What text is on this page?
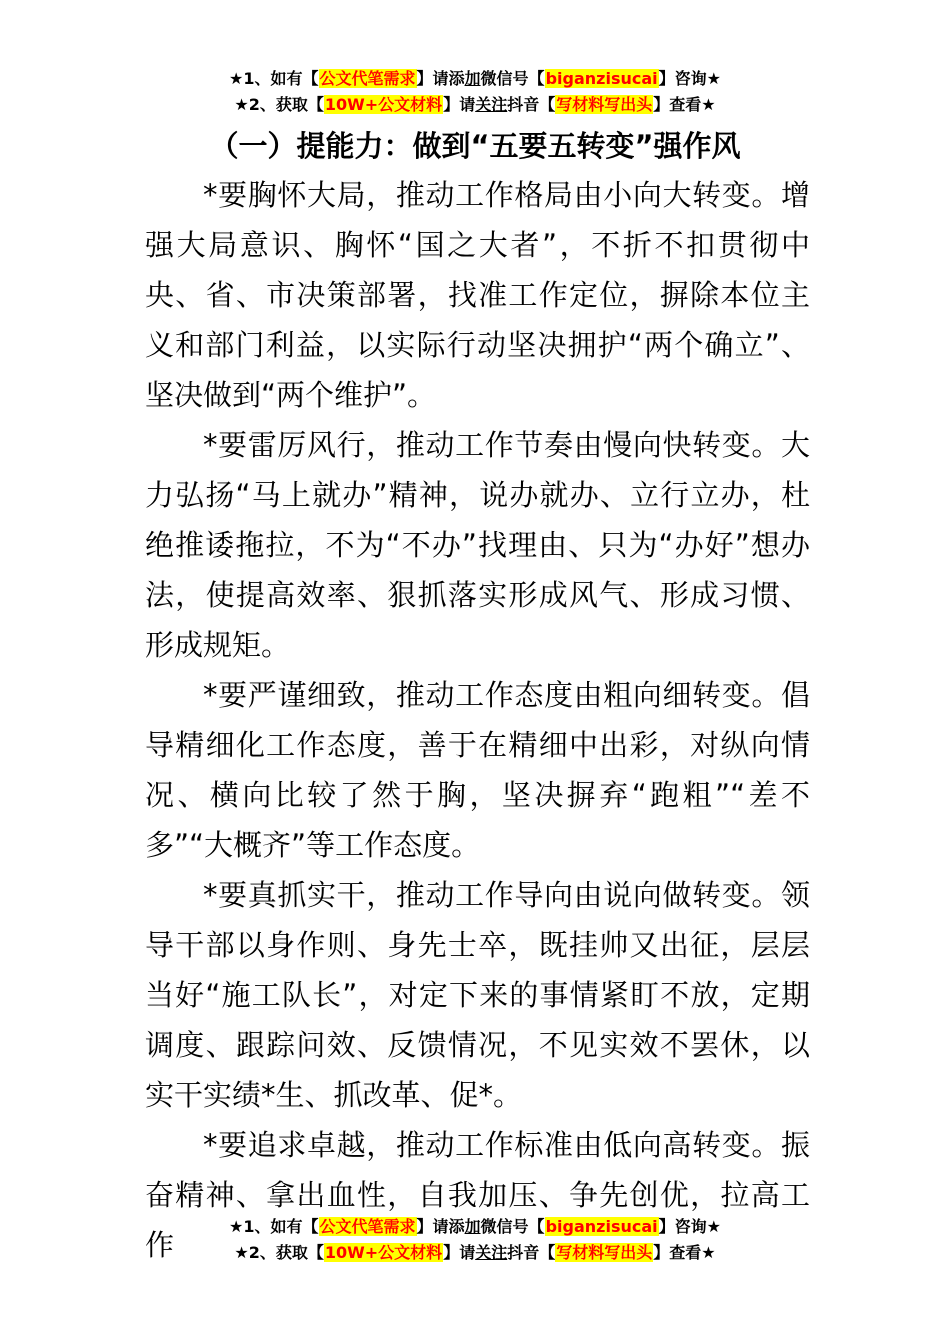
★1、如有【公文代笔需求】请添加微信号【biganzisucai】咨询★
★2、获取【10W+公文材料】请关注抖音【写材料写出头】查看★
（一）提能力：做到“五要五转变”强作风

*要胸怀大局，推动工作格局由小向大转变。增强大局意识、胸怀“国之大者”，不折不扣贯彻中央、省、市决策部署，找准工作定位，摒除本位主义和部门利益，以实际行动坚决拥护“两个确立”、坚决做到“两个维护”。

*要雷厉风行，推动工作节奏由慢向快转变。大力弘扬“马上就办”精神，说办就办、立行立办，杜绝推诿拖拉，不为“不办”找理由、只为“办好”想办法，使提高效率、狠抓落实形成风气、形成习惯、形成规矩。

*要严谨细致，推动工作态度由粗向细转变。倡导精细化工作态度，善于在精细中出彩，对纵向情况、横向比较了然于胸，坚决摒弃“跑粗”“差不多”“大概齐”等工作态度。

*要真抓实干，推动工作导向由说向做转变。领导干部以身作则、身先士卒，既挂帅又出征，层层当好“施工队长”，对定下来的事情紧盯不放，定期调度、跟踪问效、反馈情况，不见实效不罢休，以实干实绩*生、抓改革、促*。

*要追求卓越，推动工作标准由低向高转变。振奋精神、拿出血性，自我加压、争先创优，拉高工作

★1、如有【公文代笔需求】请添加微信号【biganzisucai】咨询★
★2、获取【10W+公文材料】请关注抖音【写材料写出头】查看★
